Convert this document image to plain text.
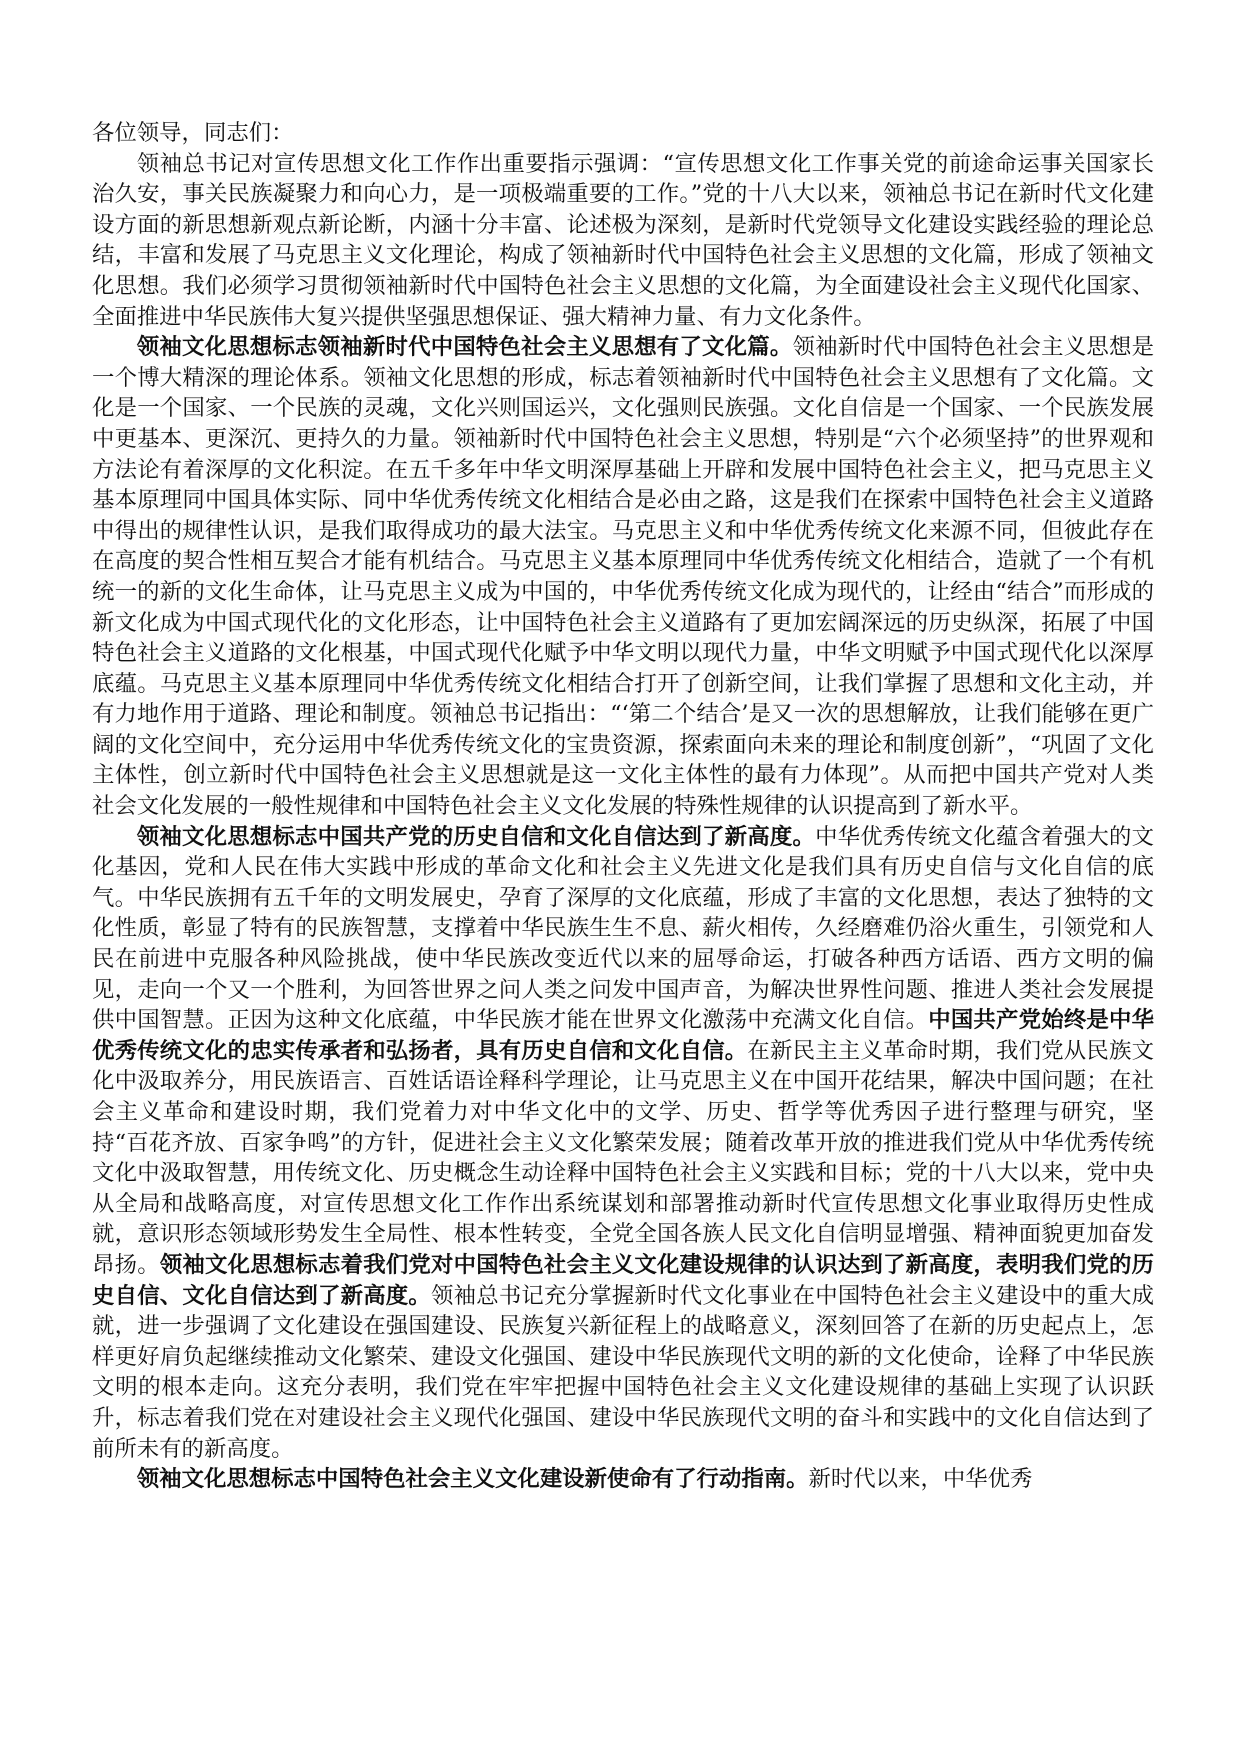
各位领导，同志们：

领袖总书记对宣传思想文化工作作出重要指示强调：“宣传思想文化工作事关党的前途命运事关国家长治久安，事关民族凝聚力和向心力，是一项极端重要的工作。”党的十八大以来，领袖总书记在新时代文化建设方面的新思想新观点新论断，内涵十分丰富、论述极为深刻，是新时代党领导文化建设实践经验的理论总结，丰富和发展了马克思主义文化理论，构成了领袖新时代中国特色社会主义思想的文化篇，形成了领袖文化思想。我们必须学习贯彻领袖新时代中国特色社会主义思想的文化篇，为全面建设社会主义现代化国家、全面推进中华民族伟大复兴提供坚强思想保证、强大精神力量、有力文化条件。

领袖文化思想标志领袖新时代中国特色社会主义思想有了文化篇。领袖新时代中国特色社会主义思想是一个博大精深的理论体系。领袖文化思想的形成，标志着领袖新时代中国特色社会主义思想有了文化篇。文化是一个国家、一个民族的灵魂，文化兴则国运兴，文化强则民族强。文化自信是一个国家、一个民族发展中更基本、更深沉、更持久的力量。领袖新时代中国特色社会主义思想，特别是“六个必须坚持”的世界观和方法论有着深厚的文化积淀。在五千多年中华文明深厚基础上开辟和发展中国特色社会主义，把马克思主义基本原理同中国具体实际、同中华优秀传统文化相结合是必由之路，这是我们在探索中国特色社会主义道路中得出的规律性认识，是我们取得成功的最大法宝。马克思主义和中华优秀传统文化来源不同，但彼此存在在高度的契合性相互契合才能有机结合。马克思主义基本原理同中华优秀传统文化相结合，造就了一个有机统一的新的文化生命体，让马克思主义成为中国的，中华优秀传统文化成为现代的，让经由“结合”而形成的新文化成为中国式现代化的文化形态，让中国特色社会主义道路有了更加宏阔深远的历史纵深，拓展了中国特色社会主义道路的文化根基，中国式现代化赋予中华文明以现代力量，中华文明赋予中国式现代化以深厚底蕴。马克思主义基本原理同中华优秀传统文化相结合打开了创新空间，让我们掌握了思想和文化主动，并有力地作用于道路、理论和制度。领袖总书记指出：“‘第二个结合’是又一次的思想解放，让我们能够在更广阔的文化空间中，充分运用中华优秀传统文化的宝贵资源，探索面向未来的理论和制度创新”，“巩固了文化主体性，创立新时代中国特色社会主义思想就是这一文化主体性的最有力体现”。从而把中国共产党对人类社会文化发展的一般性规律和中国特色社会主义文化发展的特殊性规律的认识提高到了新水平。

领袖文化思想标志中国共产党的历史自信和文化自信达到了新高度。中华优秀传统文化蕴含着强大的文化基因，党和人民在伟大实践中形成的革命文化和社会主义先进文化是我们具有历史自信与文化自信的底气。中华民族拥有五千年的文明发展史，孕育了深厚的文化底蕴，形成了丰富的文化思想，表达了独特的文化性质，彰显了特有的民族智慧，支撑着中华民族生生不息、薪火相传，久经磨难仍浴火重生，引领党和人民在前进中克服各种风险挑战，使中华民族改变近代以来的屈辱命运，打破各种西方话语、西方文明的偏见，走向一个又一个胜利，为回答世界之问人类之问发中国声音，为解决世界性问题、推进人类社会发展提供中国智慧。正因为这种文化底蕴，中华民族才能在世界文化激荡中充满文化自信。中国共产党始终是中华优秀传统文化的忠实传承者和弘扬者，具有历史自信和文化自信。在新民主主义革命时期，我们党从民族文化中汲取养分，用民族语言、百姓话语诠释科学理论，让马克思主义在中国开花结果，解决中国问题；在社会主义革命和建设时期，我们党着力对中华文化中的文学、历史、哲学等优秀因子进行整理与研究，坚持“百花齐放、百家争鸣”的方针，促进社会主义文化繁荣发展；随着改革开放的推进我们党从中华优秀传统文化中汲取智慧，用传统文化、历史概念生动诠释中国特色社会主义实践和目标；党的十八大以来，党中央从全局和战略高度，对宣传思想文化工作作出系统谋划和部署推动新时代宣传思想文化事业取得历史性成就，意识形态领域形势发生全局性、根本性转变，全党全国各族人民文化自信明显增强、精神面貌更加奋发昂扬。领袖文化思想标志着我们党对中国特色社会主义文化建设规律的认识达到了新高度，表明我们党的历史自信、文化自信达到了新高度。领袖总书记充分掌握新时代文化事业在中国特色社会主义建设中的重大成就，进一步强调了文化建设在强国建设、民族复兴新征程上的战略意义，深刻回答了在新的历史起点上，怎样更好肩负起继续推动文化繁荣、建设文化强国、建设中华民族现代文明的新的文化使命，诠释了中华民族文明的根本走向。这充分表明，我们党在牢牢把握中国特色社会主义文化建设规律的基础上实现了认识跃升，标志着我们党在对建设社会主义现代化强国、建设中华民族现代文明的奋斗和实践中的文化自信达到了前所未有的新高度。

领袖文化思想标志中国特色社会主义文化建设新使命有了行动指南。新时代以来，中华优秀
